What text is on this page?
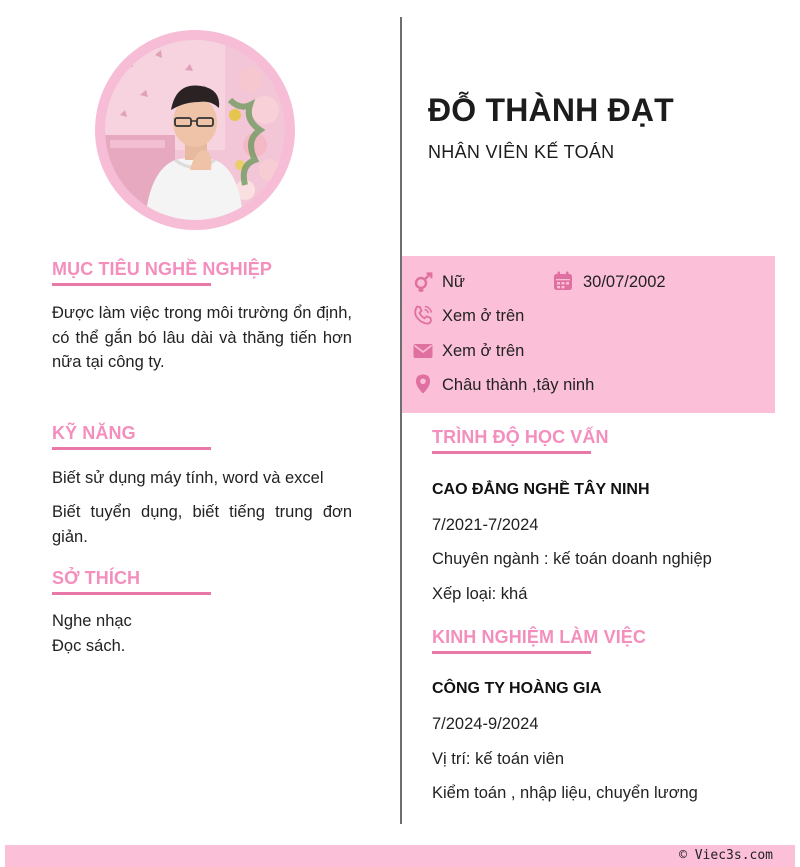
MỤC TIÊU NGHỀ NGHIỆP
Được làm việc trong môi trường ổn định, có thể gắn bó lâu dài và thăng tiến hơn nữa tại công ty.
KỸ NĂNG
Biết sử dụng máy tính, word và excel
Biết tuyển dụng, biết tiếng trung đơn giản.
SỞ THÍCH
Nghe nhạc
Đọc sách.
ĐỖ THÀNH ĐẠT
NHÂN VIÊN KẾ TOÁN
Nữ	30/07/2002
Xem ở trên
Xem ở trên
Châu thành ,tây ninh
TRÌNH ĐỘ HỌC VẤN
CAO ĐẲNG NGHỀ TÂY NINH
7/2021-7/2024
Chuyên ngành : kế toán doanh nghiệp
Xếp loại: khá
KINH NGHIỆM LÀM VIỆC
CÔNG TY HOÀNG GIA
7/2024-9/2024
Vị trí: kế toán viên
Kiểm toán , nhập liệu, chuyển lương
© Viec3s.com
